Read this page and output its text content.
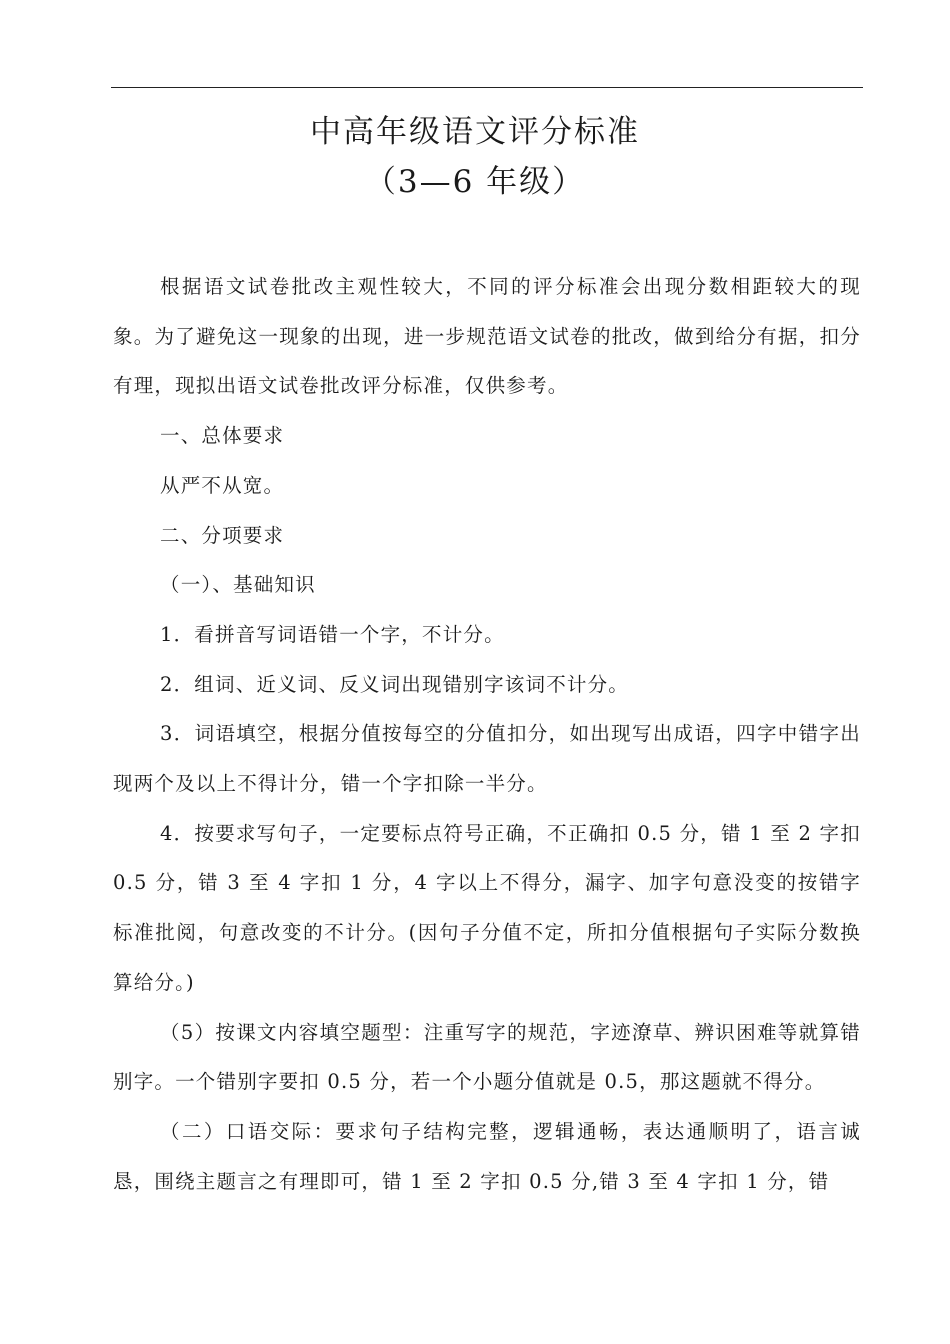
中高年级语文评分标准
（3—6 年级）

根据语文试卷批改主观性较大，不同的评分标准会出现分数相距较大的现象。为了避免这一现象的出现，进一步规范语文试卷的批改，做到给分有据，扣分有理，现拟出语文试卷批改评分标准，仅供参考。

一、总体要求

从严不从宽。

二、分项要求

（一）、基础知识

1．看拼音写词语错一个字，不计分。

2．组词、近义词、反义词出现错别字该词不计分。

3．词语填空，根据分值按每空的分值扣分，如出现写出成语，四字中错字出现两个及以上不得计分，错一个字扣除一半分。

4．按要求写句子，一定要标点符号正确，不正确扣 0.5 分，错 1 至 2 字扣 0.5 分，错 3 至 4 字扣 1 分，4 字以上不得分，漏字、加字句意没变的按错字标准批阅，句意改变的不计分。(因句子分值不定，所扣分值根据句子实际分数换算给分。)

（5）按课文内容填空题型：注重写字的规范，字迹潦草、辨识困难等就算错别字。一个错别字要扣 0.5 分，若一个小题分值就是 0.5，那这题就不得分。

（二）口语交际：要求句子结构完整，逻辑通畅，表达通顺明了，语言诚恳，围绕主题言之有理即可，错 1 至 2 字扣 0.5 分,错 3 至 4 字扣 1 分，错
